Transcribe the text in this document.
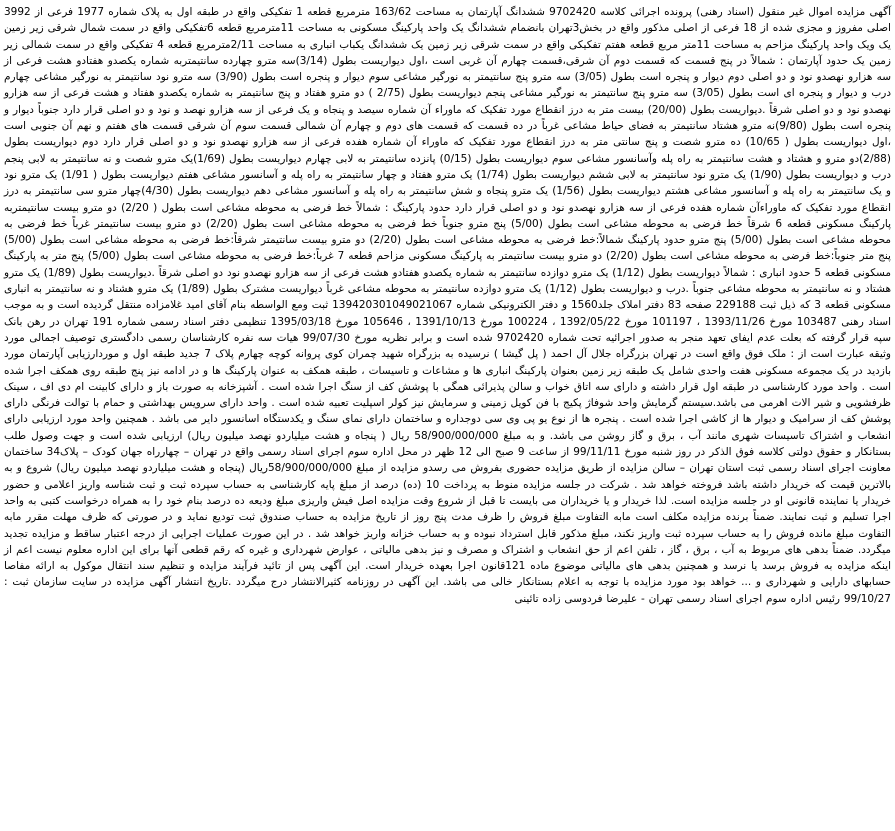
آگهی مزایده اموال غیر منقول (اسناد رهنی) پرونده اجرائی کلاسه 9702420 ششدانگ آپارتمان به مساحت 163/62 مترمربع قطعه 1 تفکیکی واقع در طبقه اول به پلاک شماره 1977 فرعی از 3992 اصلی مفروز و مجزی شده از 18 فرعی از اصلی مذکور واقع در بخش3تهران بانضمام ششدانگ یک واحد پارکینگ مسکونی به مساحت 11مترمربع قطعه 6تفکیکی واقع در سمت شمال شرقی زیر زمین یک ویک واحد پارکینگ مزاحم به مساحت 11متر مربع قطعه هفتم تفکیکی واقع در سمت شرقی زیر زمین یک ششدانگ یکباب انباری به مساحت 2/11مترمربع قطعه 4 تفکیکی واقع در سمت شمالی زیر زمین یک حدود آپارتمان : شمالاً در پنج قسمت که قسمت دوم آن شرقی،قسمت چهارم آن غربی است ،اول دیواریست بطول (3/14)سه مترو چهارده سانتیمتربه شماره یکصدو هفتادو هشت فرعی از سه هزارو نهصدو نود و دو اصلی دوم دیوار و پنجره است بطول (3/05) سه مترو پنج سانتیمتر به نورگیر مشاعی سوم دیوار و پنجره است بطول (3/90) سه مترو نود سانتیمتر به نورگیر مشاعی چهارم درب و دیوار و پنجره ای است بطول (3/05) سه مترو پنج سانتیمتر به نورگیر مشاعی پنجم دیواریست بطول (2/75 ) دو مترو هفتاد و پنج سانتیمتر به شماره یکصدو هفتاد و هشت فرعی از سه هزارو نهصدو نود و دو اصلی شرقاً .دیواریست بطول (20/00) بیست متر به درز انقطاع مورد تفکیک که ماوراء آن شماره سیصد و پنجاه و یک فرعی از سه هزارو نهصد و نود و دو اصلی قرار دارد جنوباً دیوار و پنجره است بطول (9/80)نه مترو هشتاد سانتیمتر به فضای حیاط مشاعی غرباً در ده قسمت که قسمت های دوم و چهارم آن شمالی قسمت سوم آن شرقی قسمت های هفتم و نهم آن جنوبی است ،اول دیواریست بطول ( 10/65) ده مترو شصت و پنج سانتی متر به درز انقطاع مورد تفکیک که ماوراء آن شماره هفده فرعی از سه هزارو نهصدو نود و دو اصلی قرار دارد دوم دیواریست بطول (2/88)دو مترو و هشتاد و هشت سانتیمتر به راه پله وآسانسور مشاعی سوم دیواریست بطول (0/15) پانزده سانتیمتر به لابی چهارم دیواریست بطول (1/69)یک مترو شصت و نه سانتیمتر به لابی پنجم درب و دیواریست بطول (1/90) یک مترو نود سانتیمتر به لابی ششم دیواریست بطول (1/74) یک مترو هفتاد و چهار سانتیمتر به راه پله و آسانسور مشاعی هفتم دیواریست بطول ( 1/91) یک مترو نود و یک سانتیمتر به راه پله و آسانسور مشاعی هشتم دیواریست بطول (1/56) یک مترو پنجاه و شش سانتیمتر به راه پله و آسانسور مشاعی دهم دیواریست بطول (4/30)چهار مترو سی سانتیمتر به درز انقطاع مورد تفکیک که ماوراءآن شماره هفده فرعی از سه هزارو نهصدو نود و دو اصلی قرار دارد حدود پارکینگ : شمالاً خط فرضی به محوطه مشاعی است بطول ( 2/20) دو مترو بیست سانتیمتربه پارکینگ مسکونی قطعه 6 شرقاً خط فرضی به محوطه مشاعی است بطول (5/00) پنج مترو جنوباً خط فرضی به محوطه مشاعی است بطول (2/20) دو مترو بیست سانتیمتر غرباً خط فرضی به محوطه مشاعی است بطول (5/00) پنج مترو حدود پارکینگ شمالاً:خط فرضی به محوطه مشاعی است بطول (2/20) دو مترو بیست سانتیمتر شرقاً:خط فرضی به محوطه مشاعی است بطول (5/00) پنج متر جنوباً:خط فرضی به محوطه مشاعی است بطول (2/20) دو مترو بیست سانتیمتر به پارکینگ مسکونی مزاحم قطعه 7 غرباً:خط فرضی به محوطه مشاعی است بطول (5/00) پنج متر به پارکینگ مسکونی قطعه 5 حدود انباری : شمالاً دیواریست بطول (1/12) یک مترو دوازده سانتیمتر به شماره یکصدو هفتادو هشت فرعی از سه هزارو نهصدو نود دو اصلی شرقاً .دیواریست بطول (1/89) یک مترو هشتاد و نه سانتیمتر به محوطه مشاعی جنوباً .درب و دیواریست بطول (1/12) یک مترو دوازده سانتیمتر به محوطه مشاعی غرباً دیواریست مشترک بطول (1/89) یک مترو هشتاد و نه سانتیمتر به انباری مسکونی قطعه 3 که ذیل ثبت 229188 صفحه 83 دفتر املاک جلد1560 و دفتر الکترونیکی شماره 139420301049021067 ثبت ومع الواسطه بنام آقای امید غلامزاده منتقل گردیده است و به موجب اسناد رهنی 103487 مورخ 1393/11/26 ، 101197 مورخ 1392/05/22 ، 100224 مورخ 1391/10/13 ، 105646 مورخ 1395/03/18 تنظیمی دفتر اسناد رسمی شماره 191 تهران در رهن بانک سپه قرار گرفته که بعلت عدم ایفای تعهد منجر به صدور اجرائیه تحت شماره 9702420 شده است و برابر نظریه مورخ 99/07/30 هیات سه نفره کارشناسان رسمی دادگستری توصیف اجمالی مورد وثیقه عبارت است از : ملک فوق واقع است در تهران بزرگراه جلال آل احمد ( پل گیشا ) نرسیده به بزرگراه شهید چمران کوی پروانه کوچه چهارم پلاک 7 جدید طبقه اول و موردارزیابی آپارتمان مورد بازدید در یک مجموعه مسکونی هفت واحدی شامل یک طبقه زیر زمین بعنوان پارکینگ انباری ها و مشاعات و تاسیسات ، طبقه همکف به عنوان پارکینگ ها و در ادامه نیز پنج طبقه روی همکف اجرا شده است . واحد مورد کارشناسی در طبقه اول قرار داشته و دارای سه اتاق خواب و سالن پذیرائی همگی با پوشش کف از سنگ اجرا شده است . آشپزخانه به صورت باز و دارای کابینت ام دی اف ، سینک ظرفشویی و شیر الات اهرمی می باشد.سیستم گرمایش واحد شوفاژ پکیج با فن کویل زمینی و سرمایش نیز کولر اسپلیت تعبیه شده است . واحد دارای سرویس بهداشتی و حمام با توالت فرنگی دارای پوشش کف از سرامیک و دیوار ها از کاشی اجرا شده است . پنجره ها از نوع یو پی وی سی دوجداره و ساختمان دارای نمای سنگ و یکدستگاه اسانسور دایر می باشد . همچنین واحد مورد ارزیابی دارای انشعاب و اشتراک تاسیسات شهری مانند آب ، برق و گاز روشن می باشد. و به مبلغ 58/900/000/000 ریال ( پنجاه و هشت میلیاردو نهصد میلیون ریال) ارزیابی شده است و جهت وصول طلب بستانکار و حقوق دولتی کلاسه فوق الذکر در روز شنبه مورخ 99/11/11 از ساعت 9 صبح الی 12 ظهر در محل اداره سوم اجرای اسناد رسمی واقع در تهران – چهارراه جهان کودک – پلاک34 ساختمان معاونت اجرای اسناد رسمی ثبت استان تهران – سالن مزایده از طریق مزایده حضوری بفروش می رسدو مزایده از مبلغ 58/900/000/000ریال (پنجاه و هشت میلیاردو نهصد میلیون ریال) شروع و به بالاترین قیمت که خریدار داشته باشد فروخته خواهد شد . شرکت در جلسه مزایده منوط به پرداخت 10 (ده) درصد از مبلغ پایه کارشناسی به حساب سپرده ثبت و ثبت شناسه واریز اعلامی و حضور خریدار یا نماینده قانونی او در جلسه مزایده است. لذا خریدار و یا خریداران می بایست تا قبل از شروع وقت مزایده اصل فیش واریزی مبلغ ودیعه ده درصد بنام خود را به همراه درخواست کتبی به واحد اجرا تسلیم و ثبت نمایند. ضمناً برنده مزایده مکلف است مابه التفاوت مبلغ فروش را ظرف مدت پنج روز از تاریخ مزایده به حساب صندوق ثبت تودیع نماید و در صورتی که ظرف مهلت مقرر مابه التفاوت مبلغ مانده فروش را به حساب سپرده ثبت واریز نکند، مبلغ مذکور قابل استرداد نبوده و به حساب خزانه واریز خواهد شد . در این صورت عملیات اجرایی از درجه اعتبار ساقط و مزایده تجدید میگردد. ضمناً بدهی های مربوط به آب ، برق ، گاز ، تلفن اعم از حق انشعاب و اشتراک و مصرف و نیز بدهی مالیاتی ، عوارض شهرداری و غیره که رقم قطعی آنها برای این اداره معلوم نیست اعم از اینکه مزایده به فروش برسد یا نرسد و همچنین بدهی های مالیاتی موضوع ماده 121قانون اجرا بعهده خریدار است. این آگهی پس از تائید فرآیند مزایده و تنظیم سند انتقال موکول به ارائه مفاصا حسابهای دارایی و شهرداری و ... خواهد بود مورد مزایده با توجه به اعلام بستانکار خالی می باشد. این آگهی در روزنامه کثیرالانتشار درج میگردد .تاریخ انتشار آگهی مزایده در سایت سازمان ثبت : 99/10/27 رئیس اداره سوم اجرای اسناد رسمی تهران - علیرضا فردوسی زاده تائینی
